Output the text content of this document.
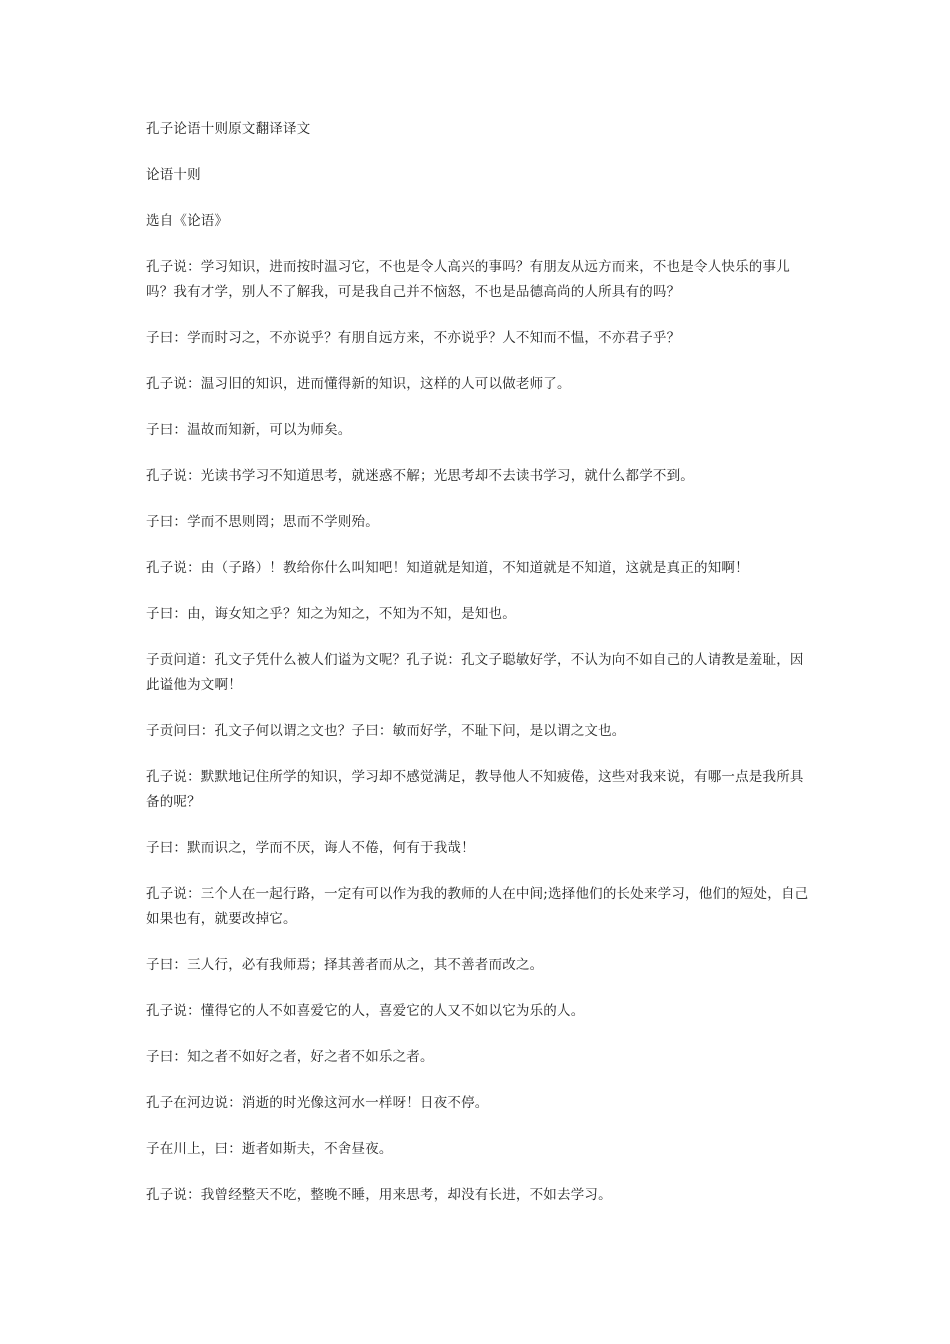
孔子论语十则原文翻译译文

论语十则

选自《论语》

孔子说：学习知识，进而按时温习它，不也是令人高兴的事吗？有朋友从远方而来，不也是令人快乐的事儿吗？我有才学，别人不了解我，可是我自己并不恼怒，不也是品德高尚的人所具有的吗？

子曰：学而时习之，不亦说乎？有朋自远方来，不亦说乎？人不知而不愠，不亦君子乎？

孔子说：温习旧的知识，进而懂得新的知识，这样的人可以做老师了。

子曰：温故而知新，可以为师矣。

孔子说：光读书学习不知道思考，就迷惑不解；光思考却不去读书学习，就什么都学不到。

子曰：学而不思则罔；思而不学则殆。

孔子说：由（子路）！教给你什么叫知吧！知道就是知道，不知道就是不知道，这就是真正的知啊！

子曰：由，诲女知之乎？知之为知之，不知为不知，是知也。

子贡问道：孔文子凭什么被人们谥为文呢？孔子说：孔文子聪敏好学，不认为向不如自己的人请教是羞耻，因此谥他为文啊！

子贡问曰：孔文子何以谓之文也？子曰：敏而好学，不耻下问，是以谓之文也。

孔子说：默默地记住所学的知识，学习却不感觉满足，教导他人不知疲倦，这些对我来说，有哪一点是我所具备的呢？

子曰：默而识之，学而不厌，诲人不倦，何有于我哉！

孔子说：三个人在一起行路，一定有可以作为我的教师的人在中间;选择他们的长处来学习，他们的短处，自己如果也有，就要改掉它。

子曰：三人行，必有我师焉；择其善者而从之，其不善者而改之。

孔子说：懂得它的人不如喜爱它的人，喜爱它的人又不如以它为乐的人。

子曰：知之者不如好之者，好之者不如乐之者。

孔子在河边说：消逝的时光像这河水一样呀！日夜不停。

子在川上，曰：逝者如斯夫，不舍昼夜。

孔子说：我曾经整天不吃，整晚不睡，用来思考，却没有长进，不如去学习。
